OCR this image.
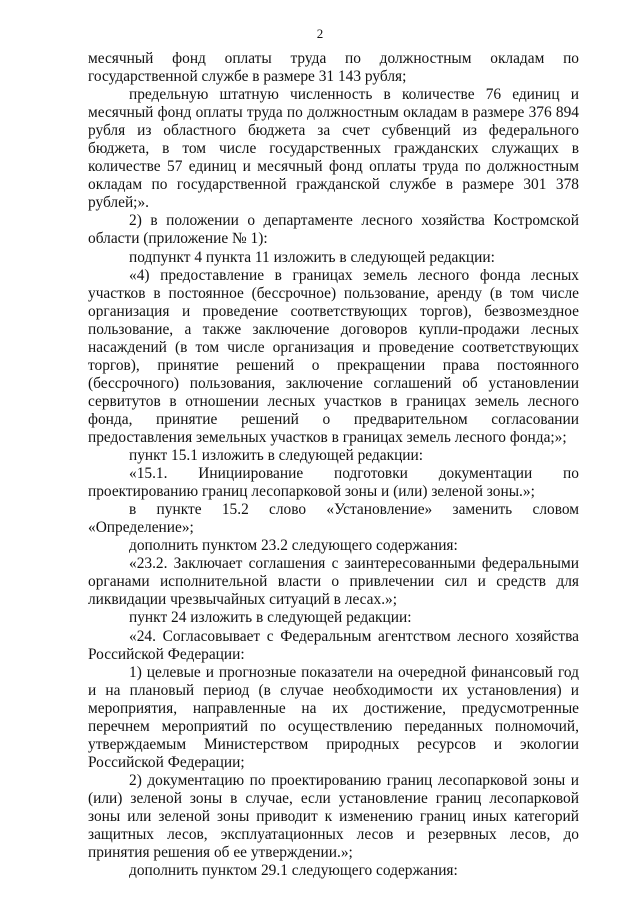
2

месячный фонд оплаты труда по должностным окладам по государственной службе в размере 31 143 рубля;

предельную штатную численность в количестве 76 единиц и месячный фонд оплаты труда по должностным окладам в размере 376 894 рубля из областного бюджета за счет субвенций из федерального бюджета, в том числе государственных гражданских служащих в количестве 57 единиц и месячный фонд оплаты труда по должностным окладам по государственной гражданской службе в размере 301 378 рублей;».

2) в положении о департаменте лесного хозяйства Костромской области (приложение № 1):

подпункт 4 пункта 11 изложить в следующей редакции:

«4) предоставление в границах земель лесного фонда лесных участков в постоянное (бессрочное) пользование, аренду (в том числе организация и проведение соответствующих торгов), безвозмездное пользование, а также заключение договоров купли-продажи лесных насаждений (в том числе организация и проведение соответствующих торгов), принятие решений о прекращении права постоянного (бессрочного) пользования, заключение соглашений об установлении сервитутов в отношении лесных участков в границах земель лесного фонда, принятие решений о предварительном согласовании предоставления земельных участков в границах земель лесного фонда;»;

пункт 15.1 изложить в следующей редакции:

«15.1. Инициирование подготовки документации по проектированию границ лесопарковой зоны и (или) зеленой зоны.»;

в пункте 15.2 слово «Установление» заменить словом «Определение»;

дополнить пунктом 23.2 следующего содержания:

«23.2. Заключает соглашения с заинтересованными федеральными органами исполнительной власти о привлечении сил и средств для ликвидации чрезвычайных ситуаций в лесах.»;

пункт 24 изложить в следующей редакции:

«24. Согласовывает с Федеральным агентством лесного хозяйства Российской Федерации:

1) целевые и прогнозные показатели на очередной финансовый год и на плановый период (в случае необходимости их установления) и мероприятия, направленные на их достижение, предусмотренные перечнем мероприятий по осуществлению переданных полномочий, утверждаемым Министерством природных ресурсов и экологии Российской Федерации;

2) документацию по проектированию границ лесопарковой зоны и (или) зеленой зоны в случае, если установление границ лесопарковой зоны или зеленой зоны приводит к изменению границ иных категорий защитных лесов, эксплуатационных лесов и резервных лесов, до принятия решения об ее утверждении.»;

дополнить пунктом 29.1 следующего содержания:
